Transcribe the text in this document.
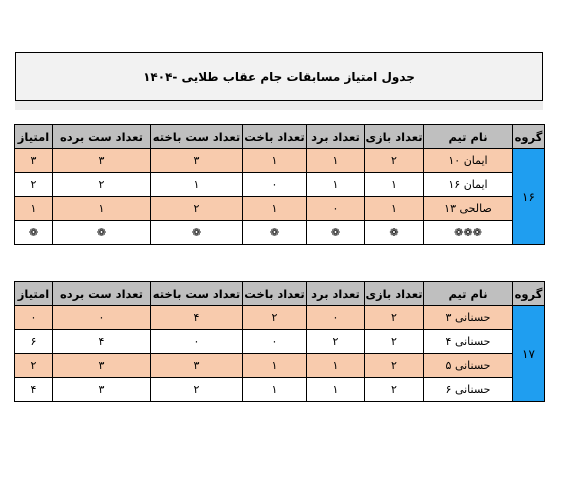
جدول امتیاز مسابقات جام عقاب طلایی -۱۴۰۴
امتیاز	تعداد ست برده	تعداد ست باخته	تعداد باخت	تعداد برد	تعداد بازی	نام تیم	گروه
۳	۳	۳	۱	۱	۲	ایمان ۱۰	۱۶
۲	۲	۱	۰	۱	۱	ایمان ۱۶	
۱	۱	۲	۱	۰	۱	صالحی ۱۳	
❁	❁	❁	❁	❁	❁	❁❁❁	
امتیاز	تعداد ست برده	تعداد ست باخته	تعداد باخت	تعداد برد	تعداد بازی	نام تیم	گروه
۰	۰	۴	۲	۰	۲	حسنانی ۳	۱۷
۶	۴	۰	۰	۲	۲	حسنانی ۴	
۲	۳	۳	۱	۱	۲	حسنانی ۵	
۴	۳	۲	۱	۱	۲	حسنانی ۶	
